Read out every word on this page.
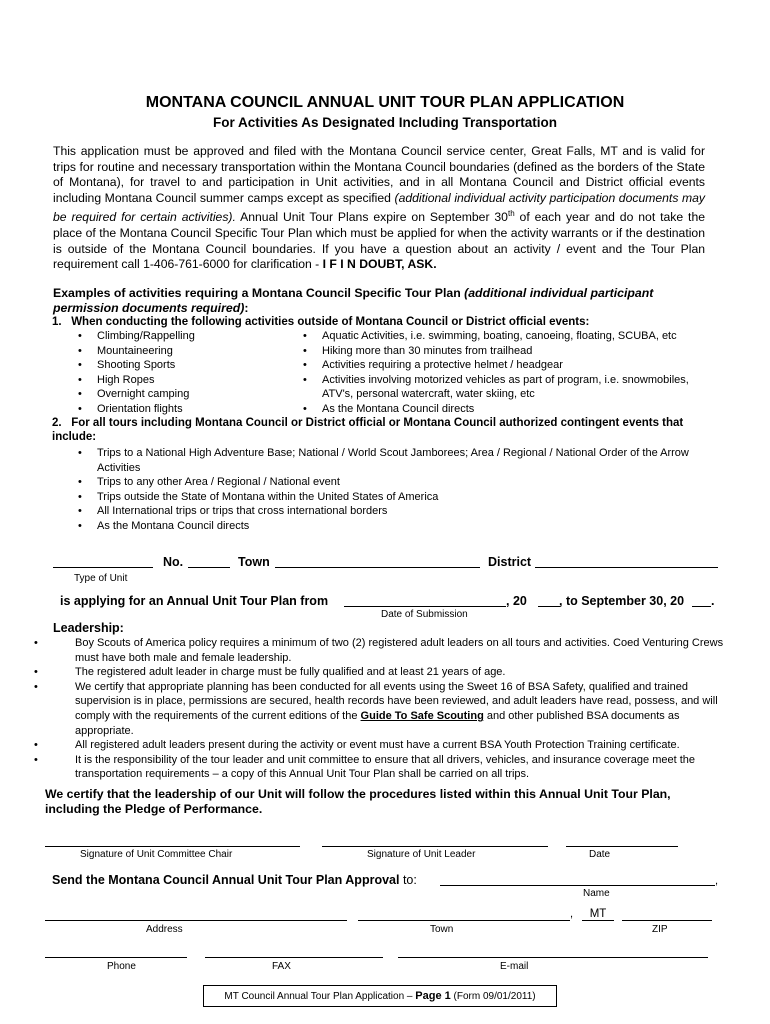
MONTANA COUNCIL ANNUAL UNIT TOUR PLAN APPLICATION
For Activities As Designated Including Transportation
This application must be approved and filed with the Montana Council service center, Great Falls, MT and is valid for trips for routine and necessary transportation within the Montana Council boundaries (defined as the borders of the State of Montana), for travel to and participation in Unit activities, and in all Montana Council and District official events including Montana Council summer camps except as specified (additional individual activity participation documents may be required for certain activities). Annual Unit Tour Plans expire on September 30th of each year and do not take the place of the Montana Council Specific Tour Plan which must be applied for when the activity warrants or if the destination is outside of the Montana Council boundaries. If you have a question about an activity / event and the Tour Plan requirement call 1-406-761-6000 for clarification - I F I N DOUBT, ASK.
Examples of activities requiring a Montana Council Specific Tour Plan (additional individual participant permission documents required):
1. When conducting the following activities outside of Montana Council or District official events:
• Climbing/Rappelling
• Mountaineering
• Shooting Sports
• High Ropes
• Overnight camping
• Orientation flights
• Aquatic Activities, i.e. swimming, boating, canoeing, floating, SCUBA, etc
• Hiking more than 30 minutes from trailhead
• Activities requiring a protective helmet / headgear
• Activities involving motorized vehicles as part of program, i.e. snowmobiles, ATV's, personal watercraft, water skiing, etc
• As the Montana Council directs
2. For all tours including Montana Council or District official or Montana Council authorized contingent events that include:
• Trips to a National High Adventure Base; National / World Scout Jamborees; Area / Regional / National Order of the Arrow Activities
• Trips to any other Area / Regional / National event
• Trips outside the State of Montana within the United States of America
• All International trips or trips that cross international borders
• As the Montana Council directs
No.	Town	District
Type of Unit
is applying for an Annual Unit Tour Plan from	, 20	, to September 30, 20 .
Date of Submission
Leadership:
• Boy Scouts of America policy requires a minimum of two (2) registered adult leaders on all tours and activities. Coed Venturing Crews must have both male and female leadership.
• The registered adult leader in charge must be fully qualified and at least 21 years of age.
• We certify that appropriate planning has been conducted for all events using the Sweet 16 of BSA Safety, qualified and trained supervision is in place, permissions are secured, health records have been reviewed, and adult leaders have read, possess, and will comply with the requirements of the current editions of the Guide To Safe Scouting and other published BSA documents as appropriate.
• All registered adult leaders present during the activity or event must have a current BSA Youth Protection Training certificate.
• It is the responsibility of the tour leader and unit committee to ensure that all drivers, vehicles, and insurance coverage meet the transportation requirements – a copy of this Annual Unit Tour Plan shall be carried on all trips.
We certify that the leadership of our Unit will follow the procedures listed within this Annual Unit Tour Plan, including the Pledge of Performance.
Signature of Unit Committee Chair	Signature of Unit Leader	Date
Send the Montana Council Annual Unit Tour Plan Approval to:	,
Name
,	MT
Address	Town	ZIP
Phone	FAX	E-mail
MT Council Annual Tour Plan Application – Page 1 (Form 09/01/2011)
